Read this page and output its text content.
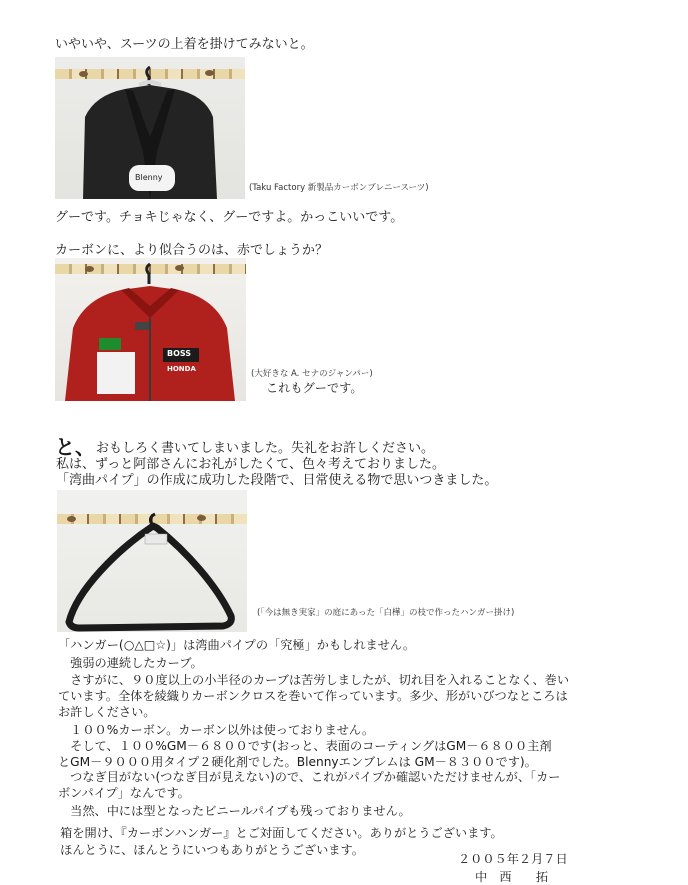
いやいや、スーツの上着を掛けてみないと。

Blenny

(Taku Factory 新製品カーボンブレニースーツ)

グーです。チョキじゃなく、グーですよ。かっこいいです。

カーボンに、より似合うのは、赤でしょうか？

BOSS
HONDA	(大好きな A. セナのジャンパー)

これもグーです。

と、 おもしろく書いてしまいました。失礼をお許しください。

私は、ずっと阿部さんにお礼がしたくて、色々考えておりました。

「湾曲パイプ」の作成に成功した段階で、日常使える物で思いつきました。

(「今は無き実家」の庭にあった「白樺」の枝で作ったハンガー掛け)

「ハンガー(○△□☆)」は湾曲パイプの「究極」かもしれません。

　強弱の連続したカーブ。

　さすがに、９０度以上の小半径のカーブは苦労しましたが、切れ目を入れることなく、巻い

ています。全体を綾織りカーボンクロスを巻いて作っています。多少、形がいびつなところは

お許しください。

　１００%カーボン。カーボン以外は使っておりません。

　そして、１００%GM－６８００です(おっと、表面のコーティングはGM－６８００主剤

とGM－９０００用タイプ２硬化剤でした。Blennyエンブレムは GM－８３００です)。

　つなぎ目がない(つなぎ目が見えない)ので、これがパイプか確認いただけませんが、「カー

ボンパイプ」なんです。

　当然、中には型となったビニールパイプも残っておりません。

　箱を開け、『カーボンハンガー』とご対面してください。ありがとうございます。

　ほんとうに、ほんとうにいつもありがとうございます。

２００５年２月７日

中　西　　拓
